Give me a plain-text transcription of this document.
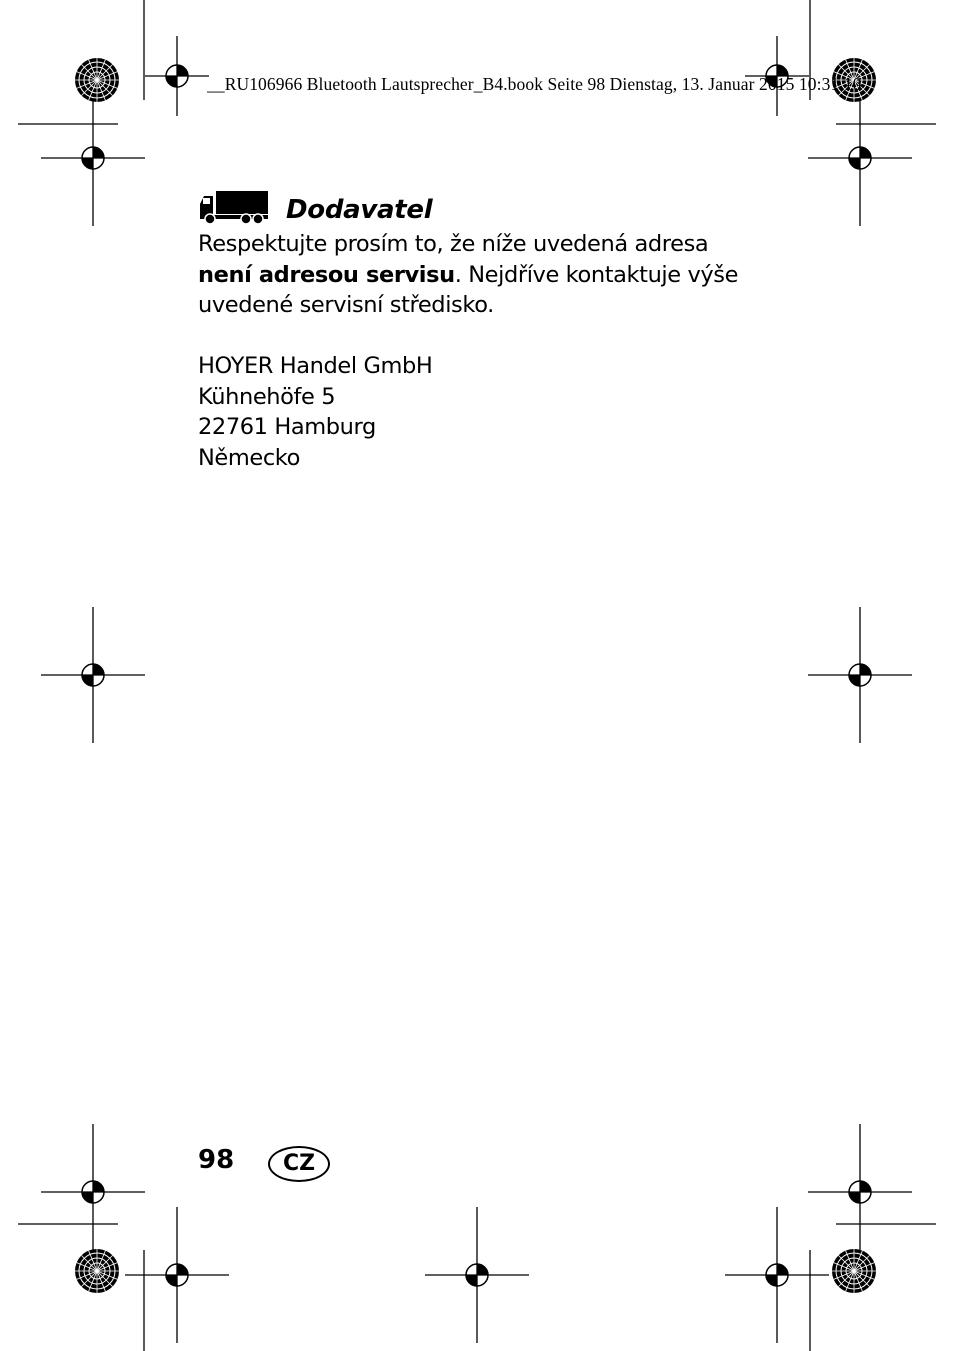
__RU106966 Bluetooth Lautsprecher_B4.book Seite 98 Dienstag, 13. Januar 2015 10:31 10
Dodavatel

Respektujte prosím to, že níže uvedená adresa není adresou servisu. Nejdříve kontaktuje výše uvedené servisní středisko.

HOYER Handel GmbH
Kühnehöfe 5
22761 Hamburg
Německo

98	CZ
